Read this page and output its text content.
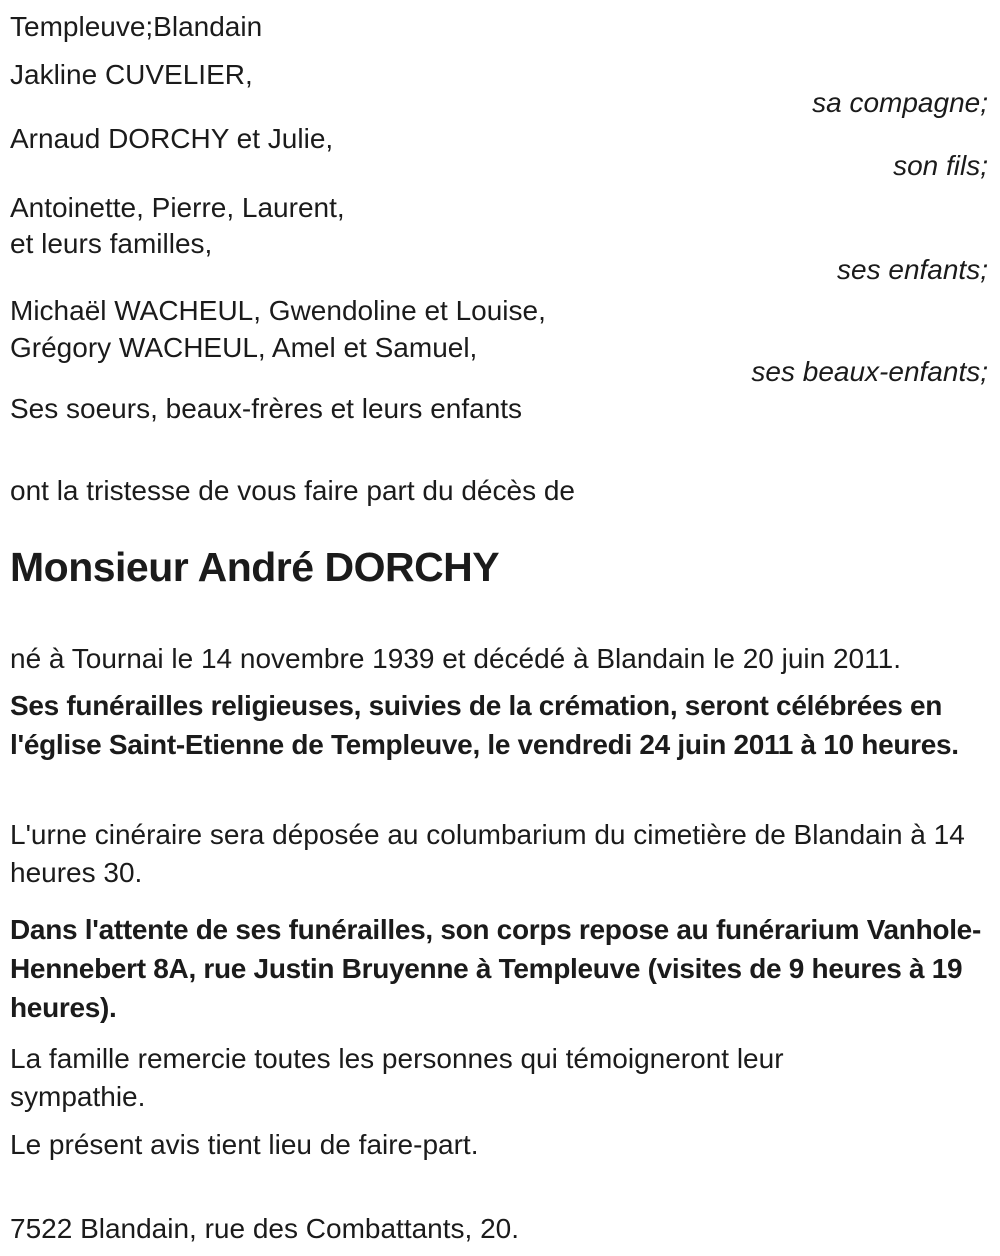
Templeuve;Blandain
Jakline CUVELIER,
sa compagne;
Arnaud DORCHY et Julie,
son fils;
Antoinette, Pierre, Laurent,
et leurs familles,
ses enfants;
Michaël WACHEUL, Gwendoline et Louise,
Grégory WACHEUL, Amel et Samuel,
ses beaux-enfants;
Ses soeurs, beaux-frères et leurs enfants
ont la tristesse de vous faire part du décès de
Monsieur André DORCHY
né à Tournai le 14 novembre 1939 et décédé à Blandain le 20 juin 2011.
Ses funérailles religieuses, suivies de la crémation, seront célébrées en l'église Saint-Etienne de Templeuve, le vendredi 24 juin 2011 à 10 heures.
L'urne cinéraire sera déposée au columbarium du cimetière de Blandain à 14 heures 30.
Dans l'attente de ses funérailles, son corps repose au funérarium Vanhole-Hennebert 8A, rue Justin Bruyenne à Templeuve (visites de 9 heures à 19 heures).
La famille remercie toutes les personnes qui témoigneront leur sympathie.
Le présent avis tient lieu de faire-part.
7522 Blandain, rue des Combattants, 20.
